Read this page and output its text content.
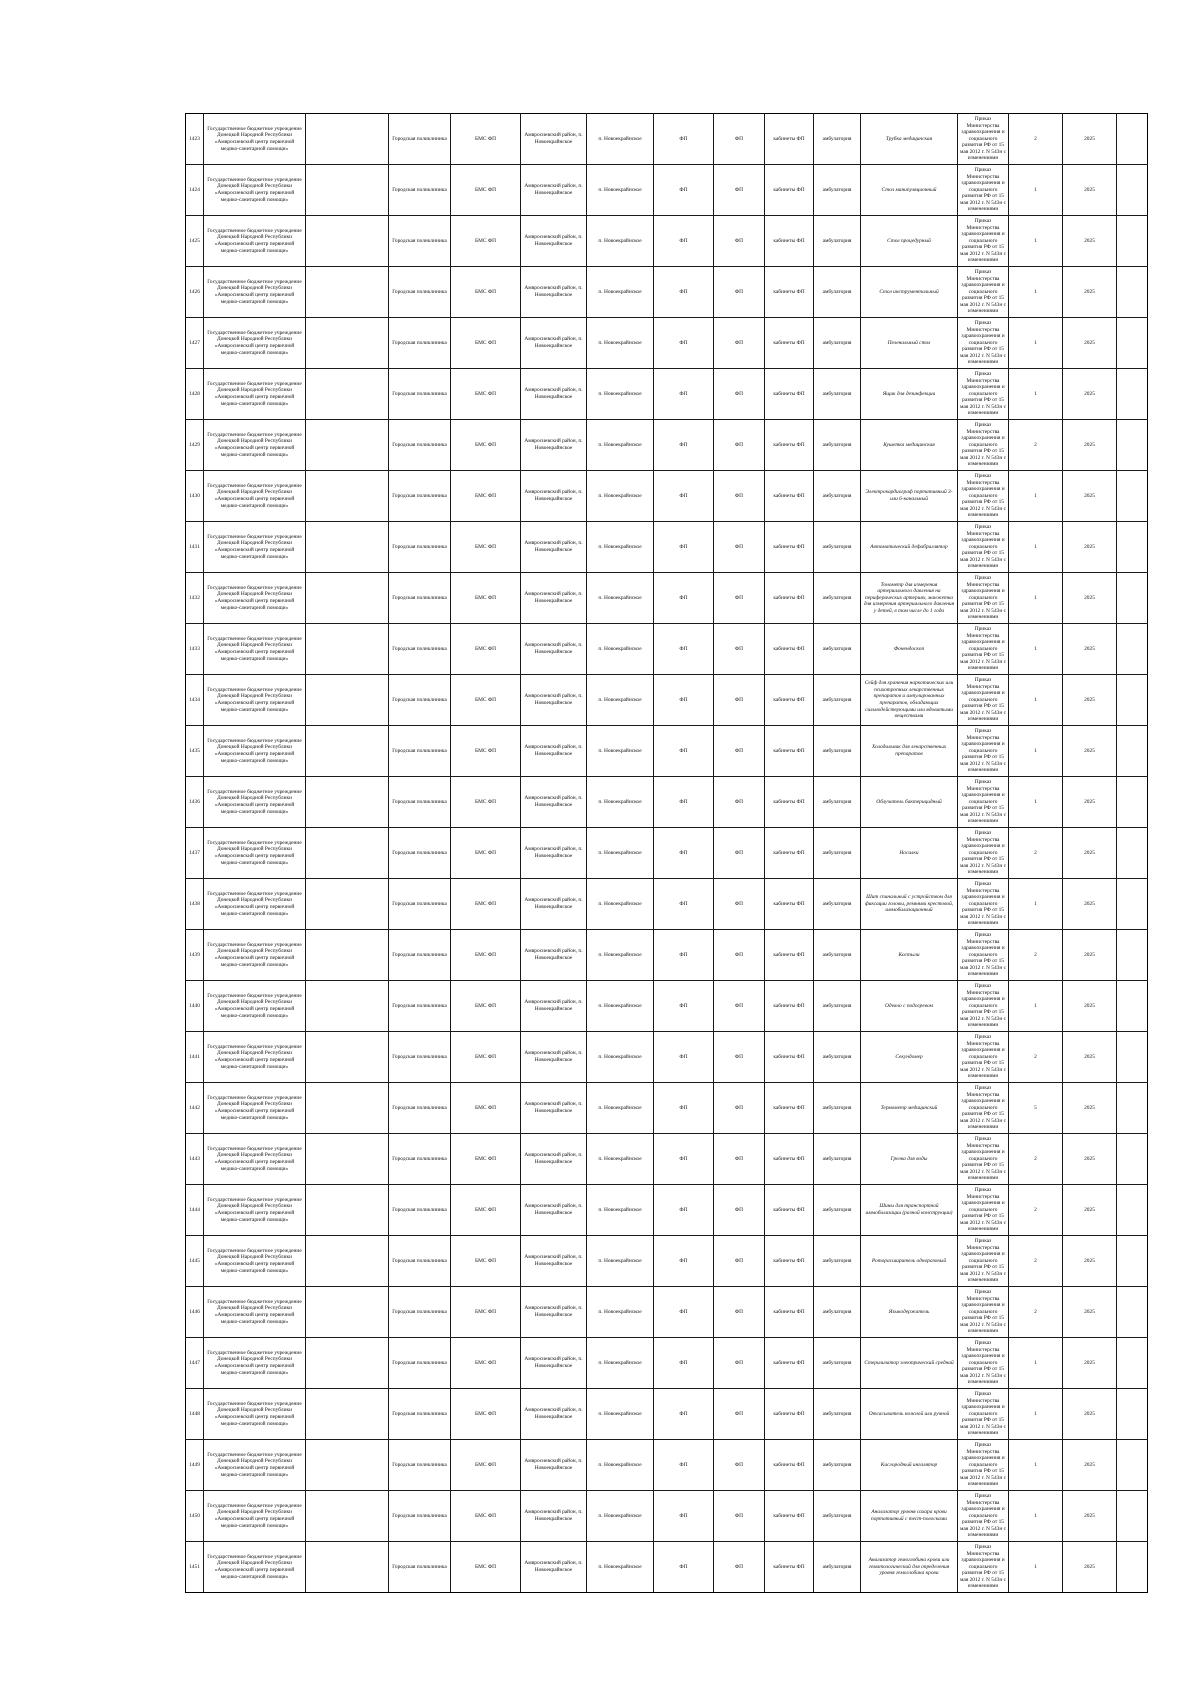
1423	Государственное бюджетное учреждение Донецкой Народной Республики «Амвросиевский центр первичной медико-санитарной помощи»		Городская поликлиника	БМС ФП	Амвросиевский район, п. Новоекрайнское	п. Новоекрайнское	ФП	ФП	кабинеты ФП	амбулатория	Трубка медицинская	Приказ Министерства здравоохранения и социального развития РФ от 15 мая 2012 г. N 543н с изменениями	2	2025	
1424	Государственное бюджетное учреждение Донецкой Народной Республики «Амвросиевский центр первичной медико-санитарной помощи»		Городская поликлиника	БМС ФП	Амвросиевский район, п. Новоекрайнское	п. Новоекрайнское	ФП	ФП	кабинеты ФП	амбулатория	Стол манипуляционный	Приказ Министерства здравоохранения и социального развития РФ от 15 мая 2012 г. N 543н с изменениями	1	2025	
1425	Государственное бюджетное учреждение Донецкой Народной Республики «Амвросиевский центр первичной медико-санитарной помощи»		Городская поликлиника	БМС ФП	Амвросиевский район, п. Новоекрайнское	п. Новоекрайнское	ФП	ФП	кабинеты ФП	амбулатория	Стол процедурный	Приказ Министерства здравоохранения и социального развития РФ от 15 мая 2012 г. N 543н с изменениями	1	2025	
1426	Государственное бюджетное учреждение Донецкой Народной Республики «Амвросиевский центр первичной медико-санитарной помощи»		Городская поликлиника	БМС ФП	Амвросиевский район, п. Новоекрайнское	п. Новоекрайнское	ФП	ФП	кабинеты ФП	амбулатория	Стол инструментальный	Приказ Министерства здравоохранения и социального развития РФ от 15 мая 2012 г. N 543н с изменениями	1	2025	
1427	Государственное бюджетное учреждение Донецкой Народной Республики «Амвросиевский центр первичной медико-санитарной помощи»		Городская поликлиника	БМС ФП	Амвросиевский район, п. Новоекрайнское	п. Новоекрайнское	ФП	ФП	кабинеты ФП	амбулатория	Пеленальный стол	Приказ Министерства здравоохранения и социального развития РФ от 15 мая 2012 г. N 543н с изменениями	1	2025	
1428	Государственное бюджетное учреждение Донецкой Народной Республики «Амвросиевский центр первичной медико-санитарной помощи»		Городская поликлиника	БМС ФП	Амвросиевский район, п. Новоекрайнское	п. Новоекрайнское	ФП	ФП	кабинеты ФП	амбулатория	Ящик для дезинфекции	Приказ Министерства здравоохранения и социального развития РФ от 15 мая 2012 г. N 543н с изменениями	1	2025	
1429	Государственное бюджетное учреждение Донецкой Народной Республики «Амвросиевский центр первичной медико-санитарной помощи»		Городская поликлиника	БМС ФП	Амвросиевский район, п. Новоекрайнское	п. Новоекрайнское	ФП	ФП	кабинеты ФП	амбулатория	Кушетка медицинская	Приказ Министерства здравоохранения и социального развития РФ от 15 мая 2012 г. N 543н с изменениями	2	2025	
1430	Государственное бюджетное учреждение Донецкой Народной Республики «Амвросиевский центр первичной медико-санитарной помощи»		Городская поликлиника	БМС ФП	Амвросиевский район, п. Новоекрайнское	п. Новоекрайнское	ФП	ФП	кабинеты ФП	амбулатория	Электрокардиограф портативный 3-или 6-канальный	Приказ Министерства здравоохранения и социального развития РФ от 15 мая 2012 г. N 543н с изменениями	1	2025	
1431	Государственное бюджетное учреждение Донецкой Народной Республики «Амвросиевский центр первичной медико-санитарной помощи»		Городская поликлиника	БМС ФП	Амвросиевский район, п. Новоекрайнское	п. Новоекрайнское	ФП	ФП	кабинеты ФП	амбулатория	Автоматический дефибриллятор	Приказ Министерства здравоохранения и социального развития РФ от 15 мая 2012 г. N 543н с изменениями	1	2025	
1432	Государственное бюджетное учреждение Донецкой Народной Республики «Амвросиевский центр первичной медико-санитарной помощи»		Городская поликлиника	БМС ФП	Амвросиевский район, п. Новоекрайнское	п. Новоекрайнское	ФП	ФП	кабинеты ФП	амбулатория	Тонометр для измерения артериального давления на периферических артериях, манжетка для измерения артериального давления у детей, в том числе до 1 года	Приказ Министерства здравоохранения и социального развития РФ от 15 мая 2012 г. N 543н с изменениями	1	2025	
1433	Государственное бюджетное учреждение Донецкой Народной Республики «Амвросиевский центр первичной медико-санитарной помощи»		Городская поликлиника	БМС ФП	Амвросиевский район, п. Новоекрайнское	п. Новоекрайнское	ФП	ФП	кабинеты ФП	амбулатория	Фонендоскоп	Приказ Министерства здравоохранения и социального развития РФ от 15 мая 2012 г. N 543н с изменениями	1	2025	
1434	Государственное бюджетное учреждение Донецкой Народной Республики «Амвросиевский центр первичной медико-санитарной помощи»		Городская поликлиника	БМС ФП	Амвросиевский район, п. Новоекрайнское	п. Новоекрайнское	ФП	ФП	кабинеты ФП	амбулатория	Сейф для хранения наркотических или психотропных лекарственных препаратов и ампулированных препаратов, обладающих сильнодействующими или ядовитыми веществами	Приказ Министерства здравоохранения и социального развития РФ от 15 мая 2012 г. N 543н с изменениями	1	2025	
1435	Государственное бюджетное учреждение Донецкой Народной Республики «Амвросиевский центр первичной медико-санитарной помощи»		Городская поликлиника	БМС ФП	Амвросиевский район, п. Новоекрайнское	п. Новоекрайнское	ФП	ФП	кабинеты ФП	амбулатория	Холодильник для лекарственных препаратов	Приказ Министерства здравоохранения и социального развития РФ от 15 мая 2012 г. N 543н с изменениями	1	2025	
1436	Государственное бюджетное учреждение Донецкой Народной Республики «Амвросиевский центр первичной медико-санитарной помощи»		Городская поликлиника	БМС ФП	Амвросиевский район, п. Новоекрайнское	п. Новоекрайнское	ФП	ФП	кабинеты ФП	амбулатория	Облучатель бактерицидный	Приказ Министерства здравоохранения и социального развития РФ от 15 мая 2012 г. N 543н с изменениями	1	2025	
1437	Государственное бюджетное учреждение Донецкой Народной Республики «Амвросиевский центр первичной медико-санитарной помощи»		Городская поликлиника	БМС ФП	Амвросиевский район, п. Новоекрайнское	п. Новоекрайнское	ФП	ФП	кабинеты ФП	амбулатория	Носилки	Приказ Министерства здравоохранения и социального развития РФ от 15 мая 2012 г. N 543н с изменениями	2	2025	
1438	Государственное бюджетное учреждение Донецкой Народной Республики «Амвросиевский центр первичной медико-санитарной помощи»		Городская поликлиника	БМС ФП	Амвросиевский район, п. Новоекрайнское	п. Новоекрайнское	ФП	ФП	кабинеты ФП	амбулатория	Шит спинальный с устройством для фиксации головы, ремнями крестовой, иммобилизационный	Приказ Министерства здравоохранения и социального развития РФ от 15 мая 2012 г. N 543н с изменениями	1	2025	
1439	Государственное бюджетное учреждение Донецкой Народной Республики «Амвросиевский центр первичной медико-санитарной помощи»		Городская поликлиника	БМС ФП	Амвросиевский район, п. Новоекрайнское	п. Новоекрайнское	ФП	ФП	кабинеты ФП	амбулатория	Костыли	Приказ Министерства здравоохранения и социального развития РФ от 15 мая 2012 г. N 543н с изменениями	2	2025	
1440	Государственное бюджетное учреждение Донецкой Народной Республики «Амвросиевский центр первичной медико-санитарной помощи»		Городская поликлиника	БМС ФП	Амвросиевский район, п. Новоекрайнское	п. Новоекрайнское	ФП	ФП	кабинеты ФП	амбулатория	Одеяло с подогревом	Приказ Министерства здравоохранения и социального развития РФ от 15 мая 2012 г. N 543н с изменениями	1	2025	
1441	Государственное бюджетное учреждение Донецкой Народной Республики «Амвросиевский центр первичной медико-санитарной помощи»		Городская поликлиника	БМС ФП	Амвросиевский район, п. Новоекрайнское	п. Новоекрайнское	ФП	ФП	кабинеты ФП	амбулатория	Секундомер	Приказ Министерства здравоохранения и социального развития РФ от 15 мая 2012 г. N 543н с изменениями	2	2025	
1442	Государственное бюджетное учреждение Донецкой Народной Республики «Амвросиевский центр первичной медико-санитарной помощи»		Городская поликлиника	БМС ФП	Амвросиевский район, п. Новоекрайнское	п. Новоекрайнское	ФП	ФП	кабинеты ФП	амбулатория	Термометр медицинский	Приказ Министерства здравоохранения и социального развития РФ от 15 мая 2012 г. N 543н с изменениями	5	2025	
1443	Государственное бюджетное учреждение Донецкой Народной Республики «Амвросиевский центр первичной медико-санитарной помощи»		Городская поликлиника	БМС ФП	Амвросиевский район, п. Новоекрайнское	п. Новоекрайнское	ФП	ФП	кабинеты ФП	амбулатория	Грелка для воды	Приказ Министерства здравоохранения и социального развития РФ от 15 мая 2012 г. N 543н с изменениями	2	2025	
1444	Государственное бюджетное учреждение Донецкой Народной Республики «Амвросиевский центр первичной медико-санитарной помощи»		Городская поликлиника	БМС ФП	Амвросиевский район, п. Новоекрайнское	п. Новоекрайнское	ФП	ФП	кабинеты ФП	амбулатория	Шины для транспортной иммобилизации (разной конструкции)	Приказ Министерства здравоохранения и социального развития РФ от 15 мая 2012 г. N 543н с изменениями	2	2025	
1445	Государственное бюджетное учреждение Донецкой Народной Республики «Амвросиевский центр первичной медико-санитарной помощи»		Городская поликлиника	БМС ФП	Амвросиевский район, п. Новоекрайнское	п. Новоекрайнское	ФП	ФП	кабинеты ФП	амбулатория	Роторасширитель одноразовый	Приказ Министерства здравоохранения и социального развития РФ от 15 мая 2012 г. N 543н с изменениями	2	2025	
1446	Государственное бюджетное учреждение Донецкой Народной Республики «Амвросиевский центр первичной медико-санитарной помощи»		Городская поликлиника	БМС ФП	Амвросиевский район, п. Новоекрайнское	п. Новоекрайнское	ФП	ФП	кабинеты ФП	амбулатория	Языкодержатель	Приказ Министерства здравоохранения и социального развития РФ от 15 мая 2012 г. N 543н с изменениями	2	2025	
1447	Государственное бюджетное учреждение Донецкой Народной Республики «Амвросиевский центр первичной медико-санитарной помощи»		Городская поликлиника	БМС ФП	Амвросиевский район, п. Новоекрайнское	п. Новоекрайнское	ФП	ФП	кабинеты ФП	амбулатория	Стерилизатор электрический средний	Приказ Министерства здравоохранения и социального развития РФ от 15 мая 2012 г. N 543н с изменениями	1	2025	
1448	Государственное бюджетное учреждение Донецкой Народной Республики «Амвросиевский центр первичной медико-санитарной помощи»		Городская поликлиника	БМС ФП	Амвросиевский район, п. Новоекрайнское	п. Новоекрайнское	ФП	ФП	кабинеты ФП	амбулатория	Отсасыватель ножной или ручной	Приказ Министерства здравоохранения и социального развития РФ от 15 мая 2012 г. N 543н с изменениями	1	2025	
1449	Государственное бюджетное учреждение Донецкой Народной Республики «Амвросиевский центр первичной медико-санитарной помощи»		Городская поликлиника	БМС ФП	Амвросиевский район, п. Новоекрайнское	п. Новоекрайнское	ФП	ФП	кабинеты ФП	амбулатория	Кислородный ингалятор	Приказ Министерства здравоохранения и социального развития РФ от 15 мая 2012 г. N 543н с изменениями	1	2025	
1450	Государственное бюджетное учреждение Донецкой Народной Республики «Амвросиевский центр первичной медико-санитарной помощи»		Городская поликлиника	БМС ФП	Амвросиевский район, п. Новоекрайнское	п. Новоекрайнское	ФП	ФП	кабинеты ФП	амбулатория	Анализатор уровня сахара крови портативный с тест-полосками	Приказ Министерства здравоохранения и социального развития РФ от 15 мая 2012 г. N 543н с изменениями	1	2025	
1451	Государственное бюджетное учреждение Донецкой Народной Республики «Амвросиевский центр первичной медико-санитарной помощи»		Городская поликлиника	БМС ФП	Амвросиевский район, п. Новоекрайнское	п. Новоекрайнское	ФП	ФП	кабинеты ФП	амбулатория	Анализатор гемоглобина крови или гематологический для определения уровня гемоглобина крови	Приказ Министерства здравоохранения и социального развития РФ от 15 мая 2012 г. N 543н с изменениями	1	2025	
